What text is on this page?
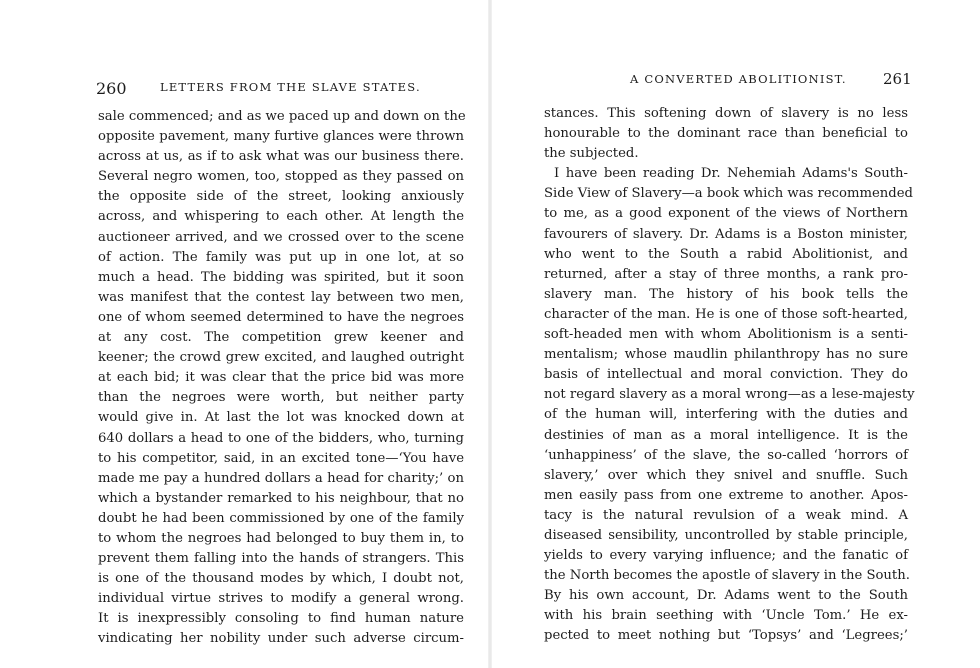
260	LETTERS FROM THE SLAVE STATES.
sale commenced; and as we paced up and down on the
opposite pavement, many furtive glances were thrown
across at us, as if to ask what was our business there.
Several negro women, too, stopped as they passed on
the opposite side of the street, looking anxiously
across, and whispering to each other. At length the
auctioneer arrived, and we crossed over to the scene
of action. The family was put up in one lot, at so
much a head. The bidding was spirited, but it soon
was manifest that the contest lay between two men,
one of whom seemed determined to have the negroes
at any cost. The competition grew keener and
keener; the crowd grew excited, and laughed outright
at each bid; it was clear that the price bid was more
than the negroes were worth, but neither party
would give in. At last the lot was knocked down at
640 dollars a head to one of the bidders, who, turning
to his competitor, said, in an excited tone—‘You have
made me pay a hundred dollars a head for charity;’ on
which a bystander remarked to his neighbour, that no
doubt he had been commissioned by one of the family
to whom the negroes had belonged to buy them in, to
prevent them falling into the hands of strangers. This
is one of the thousand modes by which, I doubt not,
individual virtue strives to modify a general wrong.
It is inexpressibly consoling to find human nature
vindicating her nobility under such adverse circum-
A CONVERTED ABOLITIONIST. 261
stances. This softening down of slavery is no less
honourable to the dominant race than beneficial to
the subjected.
I have been reading Dr. Nehemiah Adams's South-
Side View of Slavery—a book which was recommended
to me, as a good exponent of the views of Northern
favourers of slavery. Dr. Adams is a Boston minister,
who went to the South a rabid Abolitionist, and
returned, after a stay of three months, a rank pro-
slavery man. The history of his book tells the
character of the man. He is one of those soft-hearted,
soft-headed men with whom Abolitionism is a senti-
mentalism; whose maudlin philanthropy has no sure
basis of intellectual and moral conviction. They do
not regard slavery as a moral wrong—as a lese-majesty
of the human will, interfering with the duties and
destinies of man as a moral intelligence. It is the
‘unhappiness’ of the slave, the so-called ‘horrors of
slavery,’ over which they snivel and snuffle. Such
men easily pass from one extreme to another. Apos-
tacy is the natural revulsion of a weak mind. A
diseased sensibility, uncontrolled by stable principle,
yields to every varying influence; and the fanatic of
the North becomes the apostle of slavery in the South.
By his own account, Dr. Adams went to the South
with his brain seething with ‘Uncle Tom.’ He ex-
pected to meet nothing but ‘Topsys’ and ‘Legrees;’
